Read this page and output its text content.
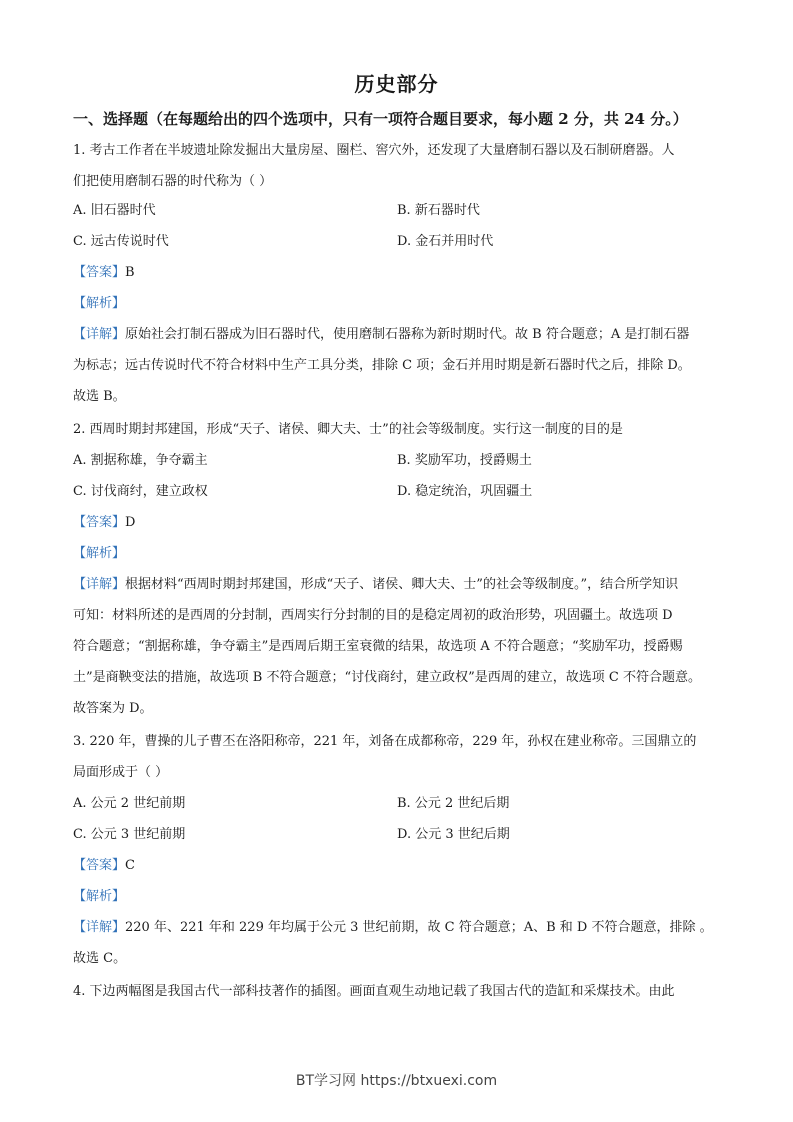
历史部分
一、选择题（在每题给出的四个选项中，只有一项符合题目要求，每小题 2 分，共 24 分。）
1. 考古工作者在半坡遗址除发掘出大量房屋、圈栏、窖穴外，还发现了大量磨制石器以及石制研磨器。人
们把使用磨制石器的时代称为（ ）
A. 旧石器时代	B. 新石器时代
C. 远古传说时代	D. 金石并用时代
【答案】B
【解析】
【详解】原始社会打制石器成为旧石器时代，使用磨制石器称为新时期时代。故 B 符合题意；A 是打制石器
为标志；远古传说时代不符合材料中生产工具分类，排除 C 项；金石并用时期是新石器时代之后，排除 D。
故选 B。
2. 西周时期封邦建国，形成“天子、诸侯、卿大夫、士”的社会等级制度。实行这一制度的目的是
A. 割据称雄，争夺霸主	B. 奖励军功，授爵赐土
C. 讨伐商纣，建立政权	D. 稳定统治，巩固疆土
【答案】D
【解析】
【详解】根据材料“西周时期封邦建国，形成“天子、诸侯、卿大夫、士”的社会等级制度。”，结合所学知识
可知：材料所述的是西周的分封制，西周实行分封制的目的是稳定周初的政治形势，巩固疆土。故选项 D
符合题意；“割据称雄，争夺霸主”是西周后期王室衰微的结果，故选项 A 不符合题意；“奖励军功，授爵赐
土”是商鞅变法的措施，故选项 B 不符合题意；“讨伐商纣，建立政权”是西周的建立，故选项 C 不符合题意。
故答案为 D。
3. 220 年，曹操的儿子曹丕在洛阳称帝，221 年，刘备在成都称帝，229 年，孙权在建业称帝。三国鼎立的
局面形成于（ ）
A. 公元 2 世纪前期	B. 公元 2 世纪后期
C. 公元 3 世纪前期	D. 公元 3 世纪后期
【答案】C
【解析】
【详解】220 年、221 年和 229 年均属于公元 3 世纪前期，故 C 符合题意；A、B 和 D 不符合题意，排除 。
故选 C。
4. 下边两幅图是我国古代一部科技著作的插图。画面直观生动地记载了我国古代的造缸和采煤技术。由此
BT学习网 https://btxuexi.com
